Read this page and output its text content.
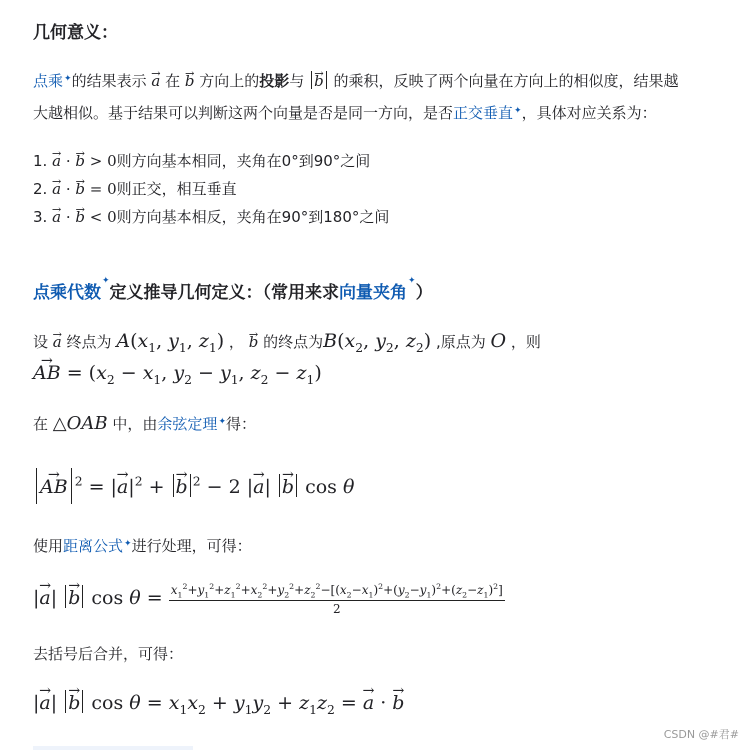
几何意义：
点乘✦的结果表示 a → 在 b → 方向上的投影与 b → 的乘积，反映了两个向量在方向上的相似度，结果越
大越相似。基于结果可以判断这两个向量是否是同一方向，是否正交垂直✦，具体对应关系为：
1. a → · b → > 0则方向基本相同，夹角在0°到90°之间
2. a → · b → = 0则正交，相互垂直
3. a → · b → < 0则方向基本相反，夹角在90°到180°之间
点乘代数✦定义推导几何定义：（常用来求向量夹角✦）
设 a → 终点为 $A(x_1$, $y_1$, $z_1$) ， b → 的终点为$B(x_2$, $y_2$, $z_2$) ,原点为 O ，则
AB → = ($x_2 - x_1$, $y_2 - y_1$, $z_2 - z_1$)
在 △OAB 中，由余弦定理✦得：
AB → $^2 = |a \to|^2 + b \to ^2 - 2$ |a →| b → cos θ
使用距离公式✦进行处理，可得：
|a →| $b \to \cos \theta = \frac{x_1^2+y_1^2+z_1^2+x_2^2+y_2^2+z_2^2-[(x_2-x_1)^2+(y_2-y_1)^2+(z_2-z_1)^2]}{2}$
去括号后合并，可得：
|a →| $b \to \cos \theta = x_1x_2 + y_1y_2 + z_1z_2 = a$ → · b →
CSDN @#君#
